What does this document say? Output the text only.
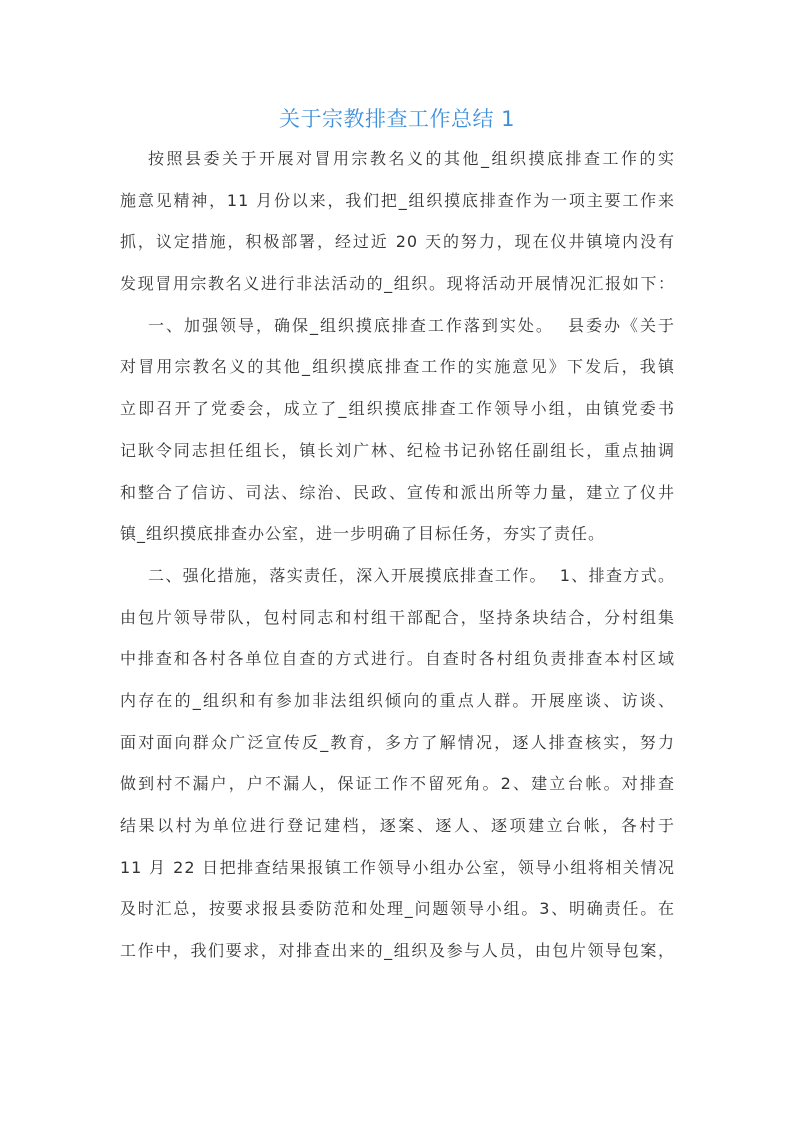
关于宗教排查工作总结 1
按照县委关于开展对冒用宗教名义的其他_组织摸底排查工作的实
施意见精神，11 月份以来，我们把_组织摸底排查作为一项主要工作来
抓，议定措施，积极部署，经过近 20 天的努力，现在仪井镇境内没有
发现冒用宗教名义进行非法活动的_组织。现将活动开展情况汇报如下：
一、加强领导，确保_组织摸底排查工作落到实处。  县委办《关于
对冒用宗教名义的其他_组织摸底排查工作的实施意见》下发后，我镇
立即召开了党委会，成立了_组织摸底排查工作领导小组，由镇党委书
记耿令同志担任组长，镇长刘广林、纪检书记孙铭任副组长，重点抽调
和整合了信访、司法、综治、民政、宣传和派出所等力量，建立了仪井
镇_组织摸底排查办公室，进一步明确了目标任务，夯实了责任。
二、强化措施，落实责任，深入开展摸底排查工作。  1、排查方式。
由包片领导带队，包村同志和村组干部配合，坚持条块结合，分村组集
中排查和各村各单位自查的方式进行。自查时各村组负责排查本村区域
内存在的_组织和有参加非法组织倾向的重点人群。开展座谈、访谈、
面对面向群众广泛宣传反_教育，多方了解情况，逐人排查核实，努力
做到村不漏户，户不漏人，保证工作不留死角。2、建立台帐。对排查
结果以村为单位进行登记建档，逐案、逐人、逐项建立台帐，各村于
11 月 22 日把排查结果报镇工作领导小组办公室，领导小组将相关情况
及时汇总，按要求报县委防范和处理_问题领导小组。3、明确责任。在
工作中，我们要求，对排查出来的_组织及参与人员，由包片领导包案，
